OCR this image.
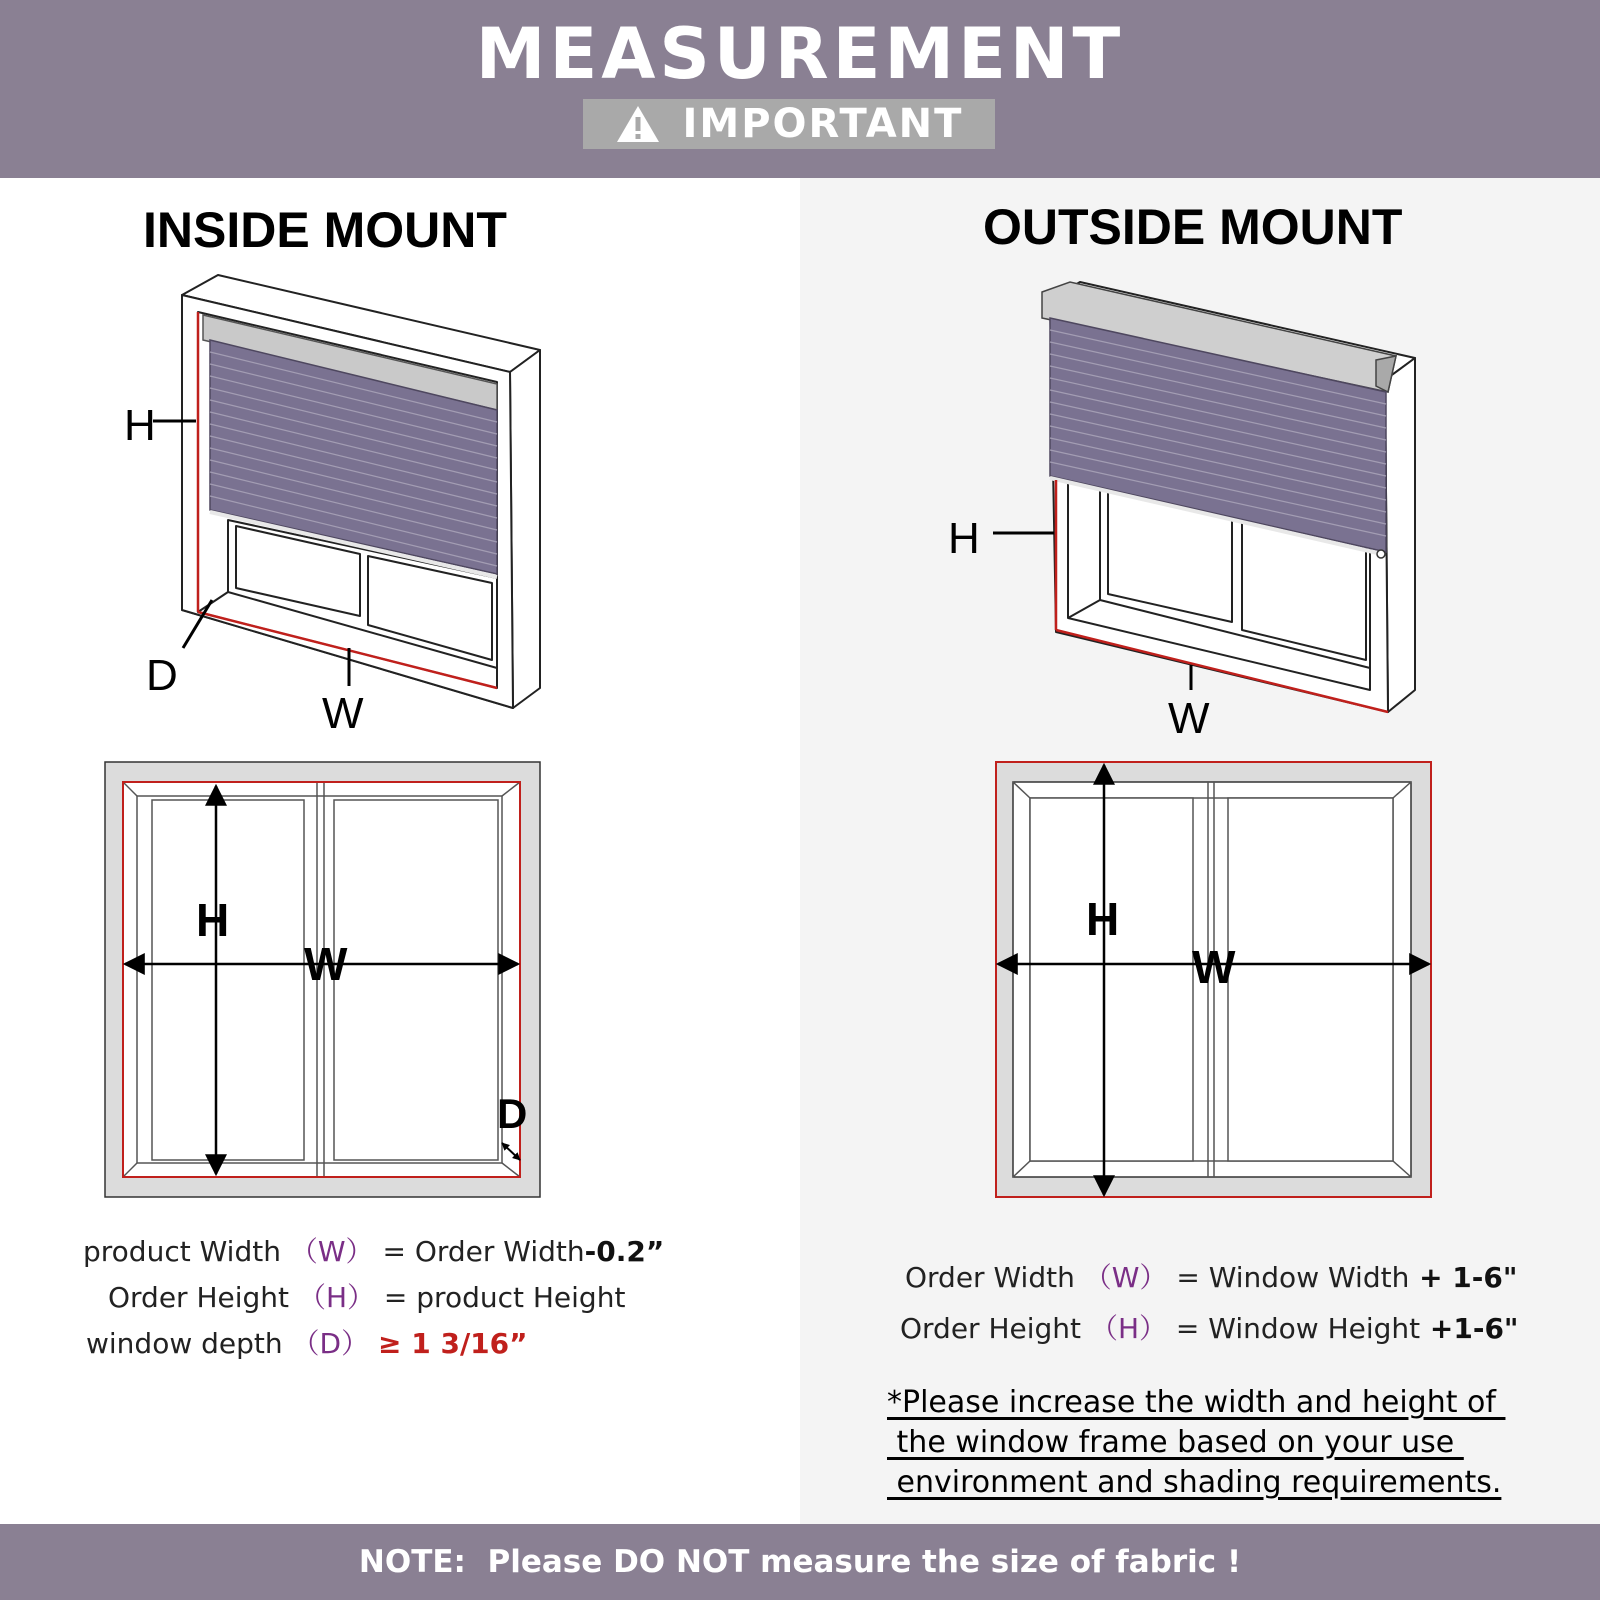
MEASUREMENT
IMPORTANT
INSIDE MOUNT	OUTSIDE MOUNT
H
D
W
H
W
H
W
D
H
W
product Width （W） = Order Width-0.2”
Order Height （H） = product Height
window depth （D） ≥ 1 3/16”
Order Width （W） = Window Width + 1-6"
Order Height （H） = Window Height +1-6"
*Please increase the width and height of
the window frame based on your use
environment and shading requirements.
NOTE:  Please DO NOT measure the size of fabric !
